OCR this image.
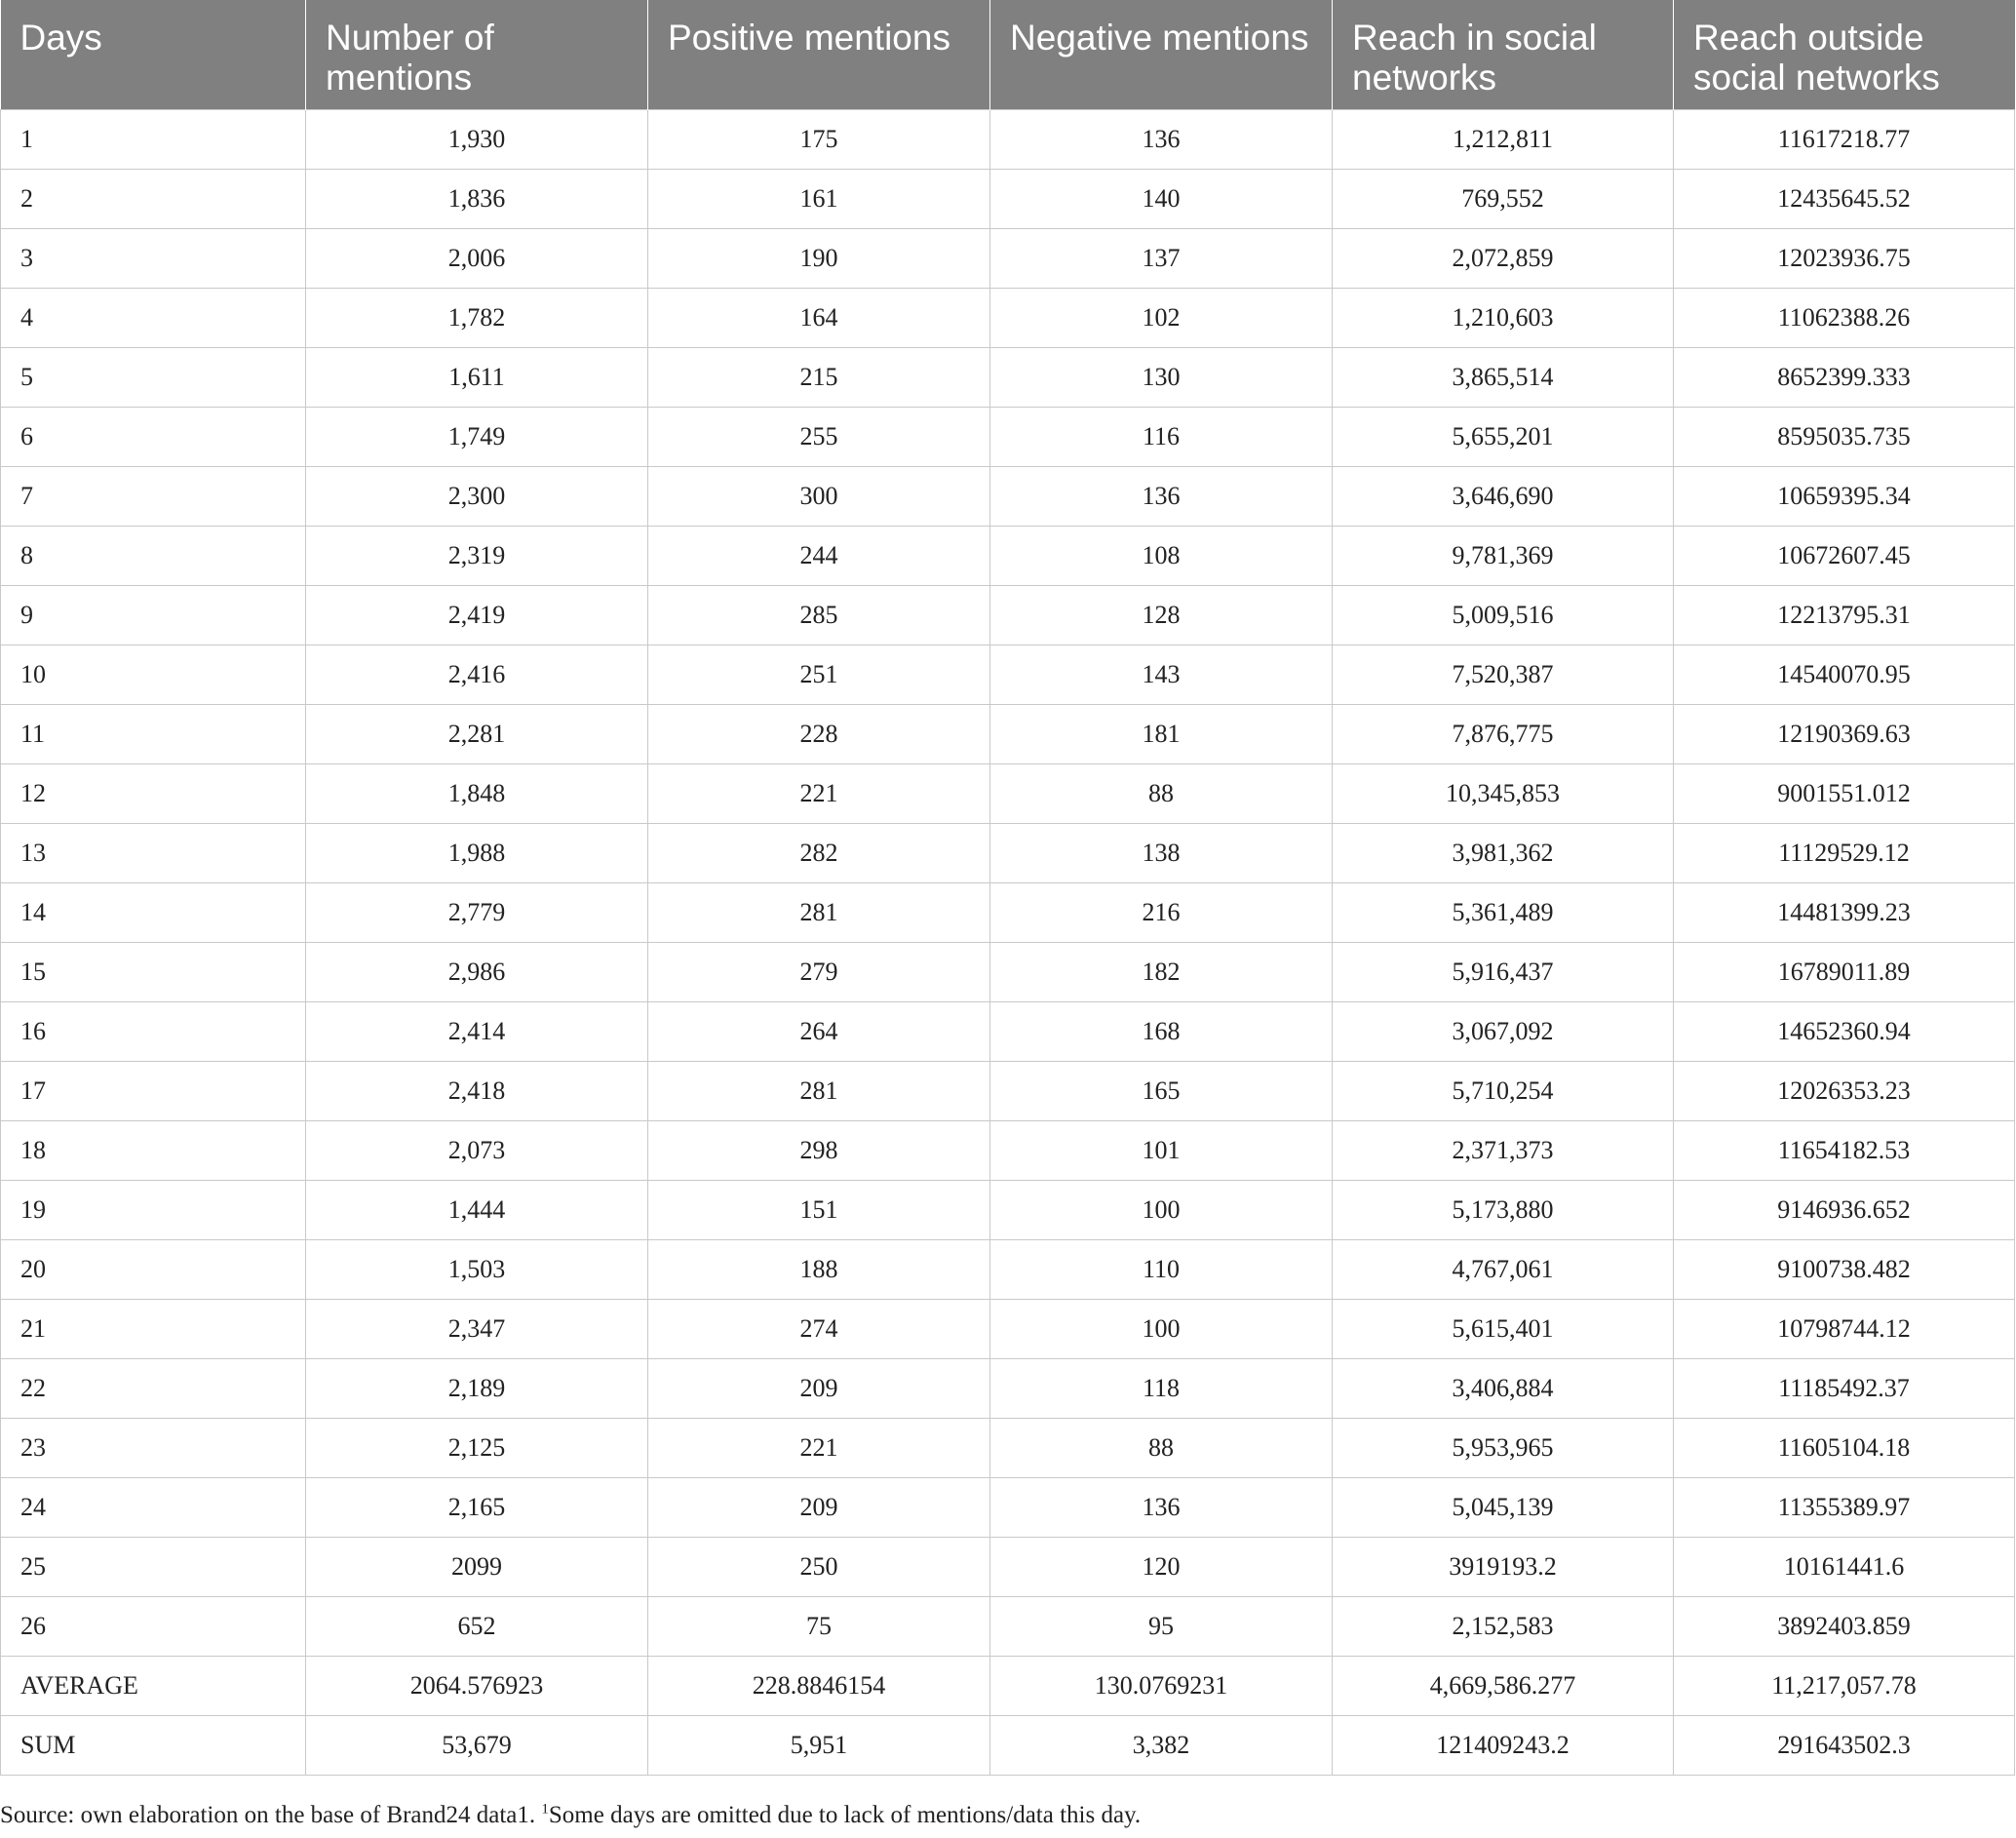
Days	Number of mentions	Positive mentions	Negative mentions	Reach in social networks	Reach outside social networks
1	1,930	175	136	1,212,811	11617218.77
2	1,836	161	140	769,552	12435645.52
3	2,006	190	137	2,072,859	12023936.75
4	1,782	164	102	1,210,603	11062388.26
5	1,611	215	130	3,865,514	8652399.333
6	1,749	255	116	5,655,201	8595035.735
7	2,300	300	136	3,646,690	10659395.34
8	2,319	244	108	9,781,369	10672607.45
9	2,419	285	128	5,009,516	12213795.31
10	2,416	251	143	7,520,387	14540070.95
11	2,281	228	181	7,876,775	12190369.63
12	1,848	221	88	10,345,853	9001551.012
13	1,988	282	138	3,981,362	11129529.12
14	2,779	281	216	5,361,489	14481399.23
15	2,986	279	182	5,916,437	16789011.89
16	2,414	264	168	3,067,092	14652360.94
17	2,418	281	165	5,710,254	12026353.23
18	2,073	298	101	2,371,373	11654182.53
19	1,444	151	100	5,173,880	9146936.652
20	1,503	188	110	4,767,061	9100738.482
21	2,347	274	100	5,615,401	10798744.12
22	2,189	209	118	3,406,884	11185492.37
23	2,125	221	88	5,953,965	11605104.18
24	2,165	209	136	5,045,139	11355389.97
25	2099	250	120	3919193.2	10161441.6
26	652	75	95	2,152,583	3892403.859
AVERAGE	2064.576923	228.8846154	130.0769231	4,669,586.277	11,217,057.78
SUM	53,679	5,951	3,382	121409243.2	291643502.3
Source: own elaboration on the base of Brand24 data1. $^1$Some days are omitted due to lack of mentions/data this day.
